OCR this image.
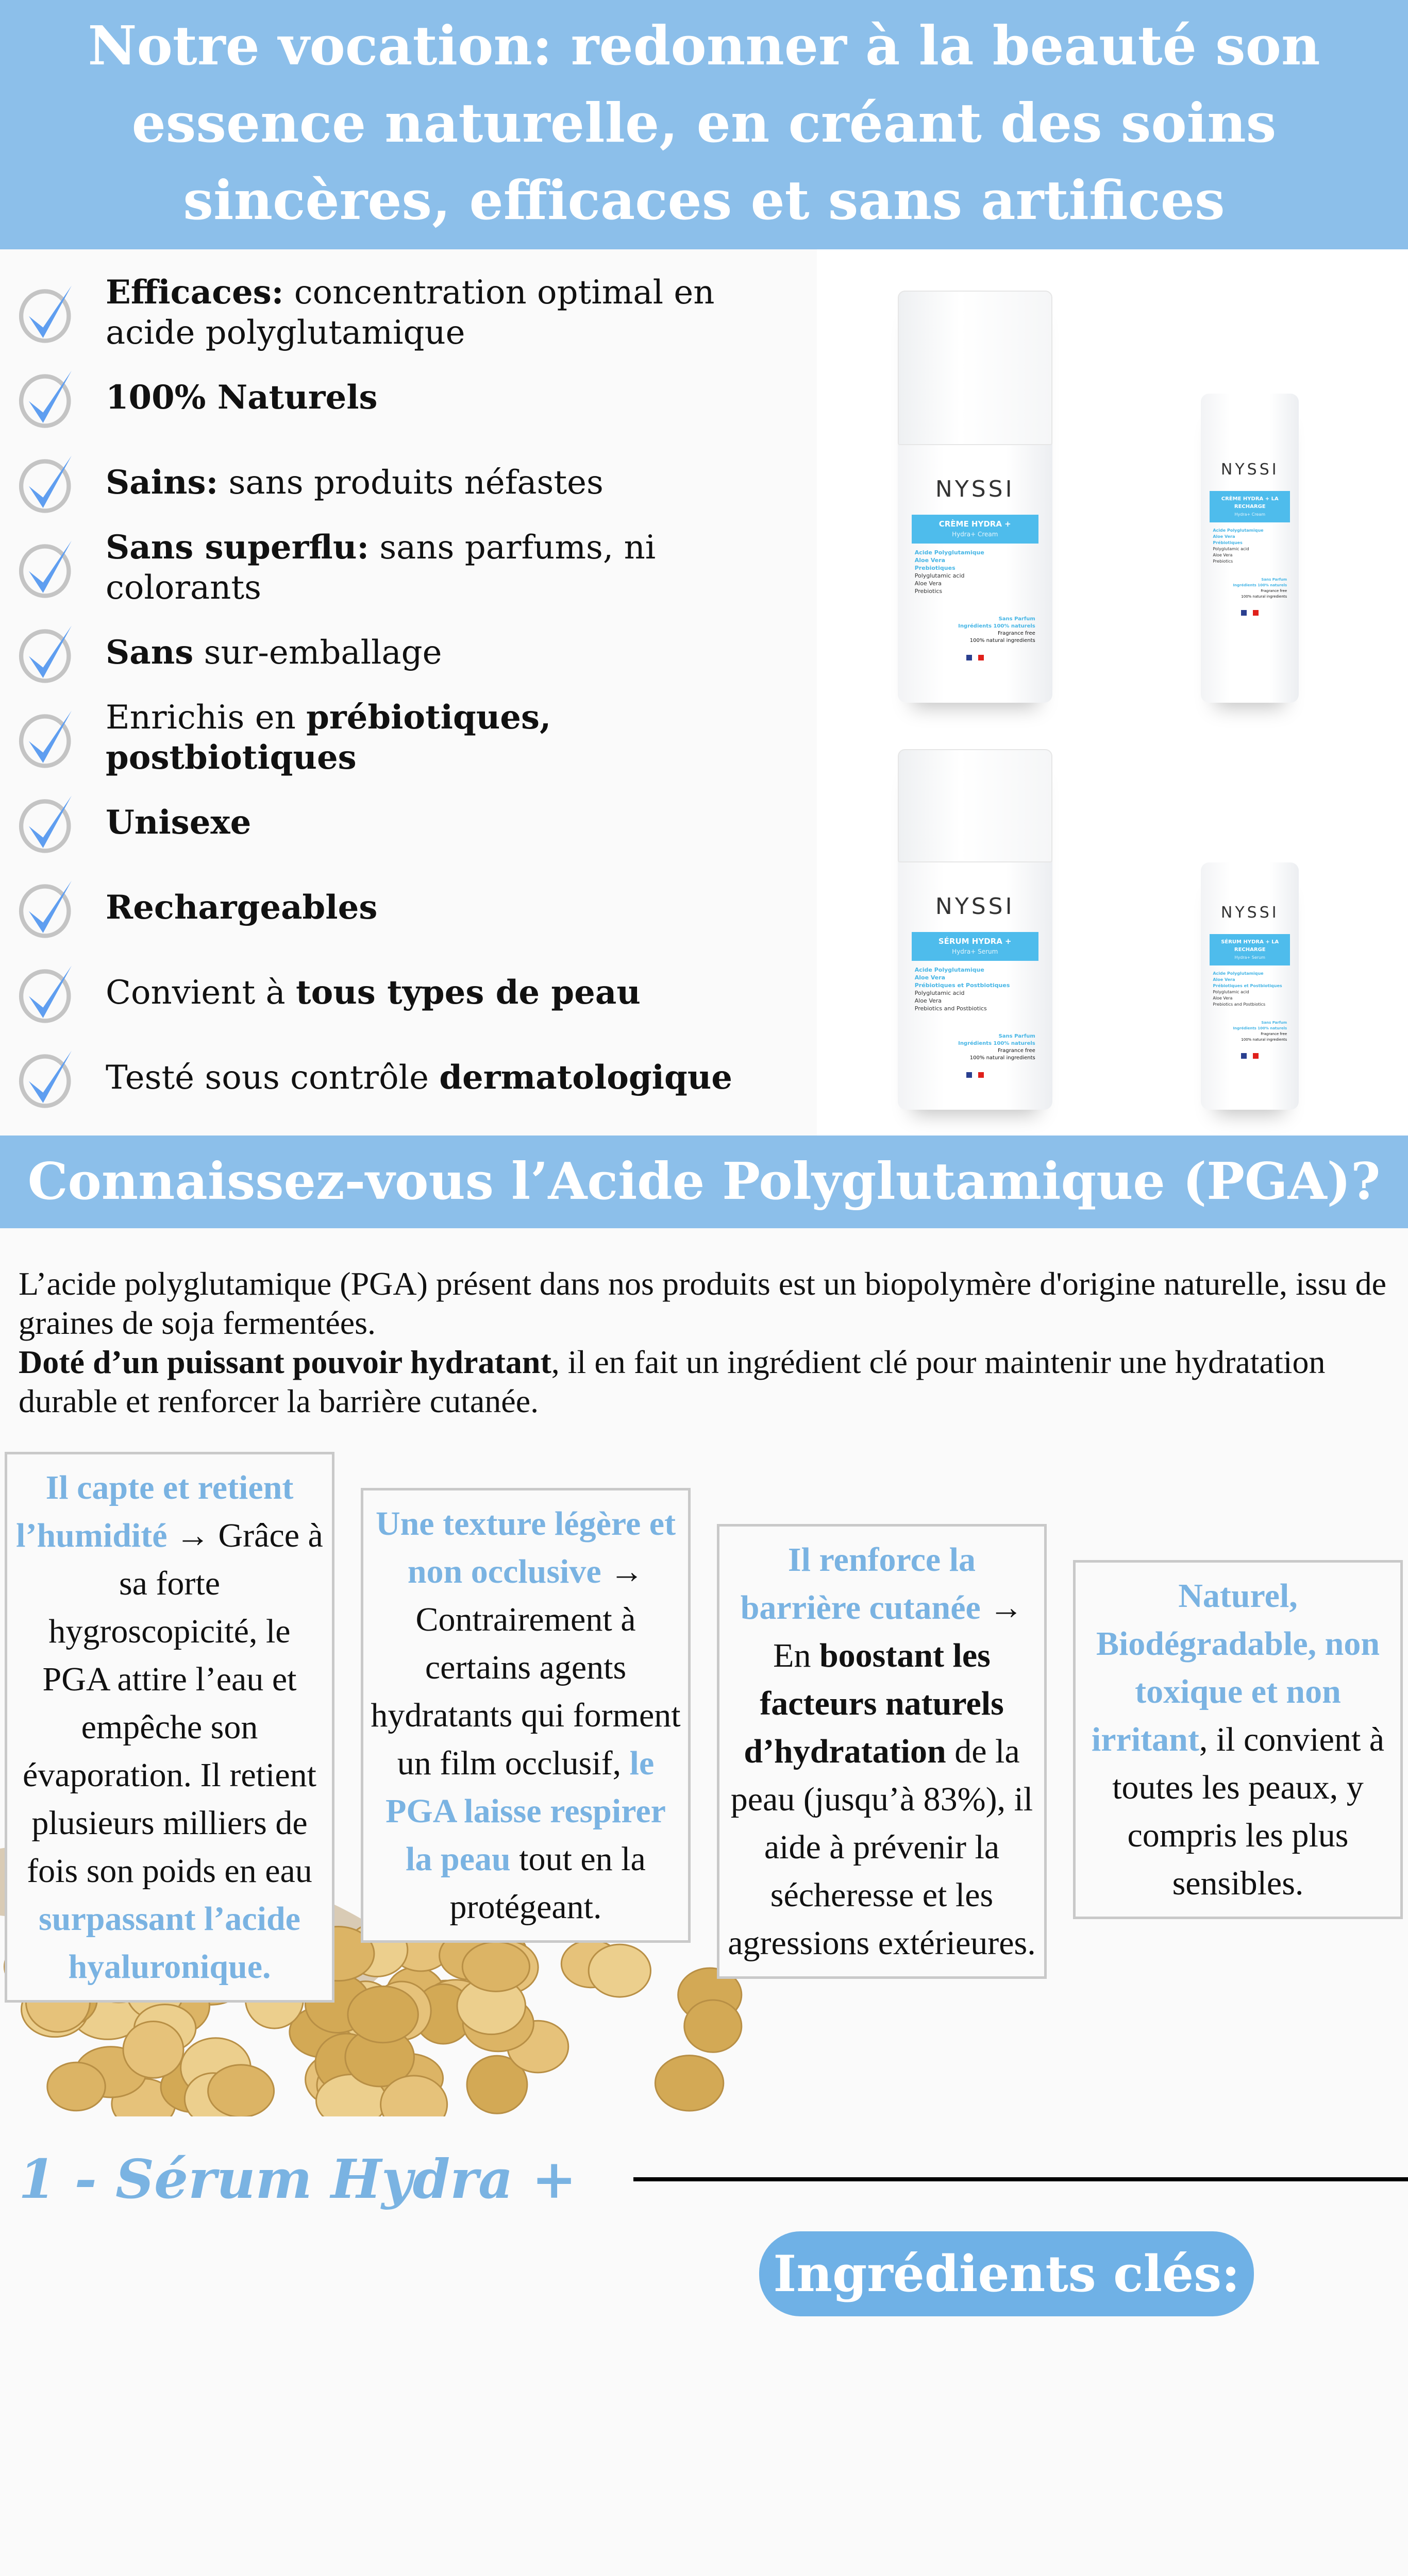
Notre vocation: redonner à la beauté son essence naturelle, en créant des soins sincères, efficaces et sans artifices
Efficaces: concentration optimal en acide polyglutamique
100% Naturels
Sains: sans produits néfastes
Sans superflu: sans parfums, ni colorants
Sans sur-emballage
Enrichis en prébiotiques, postbiotiques
Unisexe
Rechargeables
Convient à tous types de peau
Testé sous contrôle dermatologique
NYSSI
CRÈME HYDRA +
Hydra+ Cream
Acide Polyglutamique
Aloe Vera
Prebiotiques
Polyglutamic acid
Aloe Vera
Prebiotics
Sans Parfum
Ingrédients 100% naturels
Fragrance free
100% natural ingredients
NYSSI
CRÈME HYDRA + LA RECHARGE
Hydra+ Cream
Acide Polyglutamique
Aloe Vera
Prébiotiques
Polyglutamic acid
Aloe Vera
Prebiotics
Sans Parfum
Ingrédients 100% naturels
Fragrance free
100% natural ingredients
NYSSI
SÉRUM HYDRA +
Hydra+ Serum
Acide Polyglutamique
Aloe Vera
Prébiotiques et Postbiotiques
Polyglutamic acid
Aloe Vera
Prebiotics and Postbiotics
Sans Parfum
Ingrédients 100% naturels
Fragrance free
100% natural ingredients
NYSSI
SÉRUM HYDRA + LA RECHARGE
Hydra+ Serum
Acide Polyglutamique
Aloe Vera
Prébiotiques et Postbiotiques
Polyglutamic acid
Aloe Vera
Prebiotics and Postbiotics
Sans Parfum
Ingrédients 100% naturels
Fragrance free
100% natural ingredients
Connaissez-vous l’Acide Polyglutamique (PGA)?
L’acide polyglutamique (PGA) présent dans nos produits est un biopolymère d'origine naturelle, issu de graines de soja fermentées.
Doté d’un puissant pouvoir hydratant, il en fait un ingrédient clé pour maintenir une hydratation durable et renforcer la barrière cutanée.
Il capte et retient l’humidité → Grâce à sa forte hygroscopicité, le PGA attire l’eau et empêche son évaporation. Il retient plusieurs milliers de fois son poids en eau surpassant l’acide hyaluronique.
Une texture légère et non occlusive → Contrairement à certains agents hydratants qui forment un film occlusif, le PGA laisse respirer la peau tout en la protégeant.
Il renforce la barrière cutanée → En boostant les facteurs naturels d’hydratation de la peau (jusqu’à 83%), il aide à prévenir la sécheresse et les agressions extérieures.
Naturel, Biodégradable, non toxique et non irritant, il convient à toutes les peaux, y compris les plus sensibles.
1 - Sérum Hydra +
Ingrédients clés:
